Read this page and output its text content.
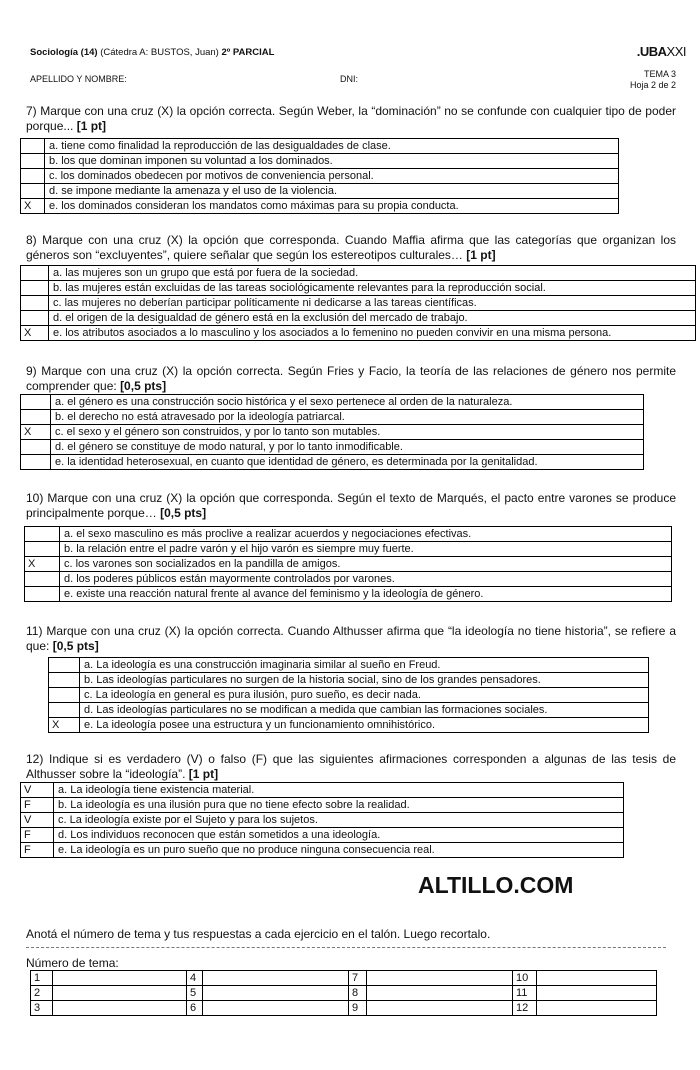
Sociología (14) (Cátedra A: BUSTOS, Juan) 2º PARCIAL	.UBAXXI
APELLIDO Y NOMBRE:	DNI:	TEMA 3
Hoja 2 de 2
7) Marque con una cruz (X) la opción correcta. Según Weber, la “dominación” no se confunde con cualquier tipo de poder porque... [1 pt]
	a. tiene como finalidad la reproducción de las desigualdades de clase.
	b. los que dominan imponen su voluntad a los dominados.
	c. los dominados obedecen por motivos de conveniencia personal.
	d. se impone mediante la amenaza y el uso de la violencia.
X	e. los dominados consideran los mandatos como máximas para su propia conducta.
8) Marque con una cruz (X) la opción que corresponda. Cuando Maffia afirma que las categorías que organizan los géneros son “excluyentes”, quiere señalar que según los estereotipos culturales… [1 pt]
	a. las mujeres son un grupo que está por fuera de la sociedad.
	b. las mujeres están excluidas de las tareas sociológicamente relevantes para la reproducción social.
	c. las mujeres no deberían participar políticamente ni dedicarse a las tareas científicas.
	d. el origen de la desigualdad de género está en la exclusión del mercado de trabajo.
X	e. los atributos asociados a lo masculino y los asociados a lo femenino no pueden convivir en una misma persona.
9) Marque con una cruz (X) la opción correcta. Según Fries y Facio, la teoría de las relaciones de género nos permite comprender que: [0,5 pts]
	a. el género es una construcción socio histórica y el sexo pertenece al orden de la naturaleza.
	b. el derecho no está atravesado por la ideología patriarcal.
X	c. el sexo y el género son construidos, y por lo tanto son mutables.
	d. el género se constituye de modo natural, y por lo tanto inmodificable.
	e. la identidad heterosexual, en cuanto que identidad de género, es determinada por la genitalidad.
10) Marque con una cruz (X) la opción que corresponda. Según el texto de Marqués, el pacto entre varones se produce principalmente porque… [0,5 pts]
	a. el sexo masculino es más proclive a realizar acuerdos y negociaciones efectivas.
	b. la relación entre el padre varón y el hijo varón es siempre muy fuerte.
X	c. los varones son socializados en la pandilla de amigos.
	d. los poderes públicos están mayormente controlados por varones.
	e. existe una reacción natural frente al avance del feminismo y la ideología de género.
11) Marque con una cruz (X) la opción correcta. Cuando Althusser afirma que “la ideología no tiene historia”, se refiere a que: [0,5 pts]
	a. La ideología es una construcción imaginaria similar al sueño en Freud.
	b. Las ideologías particulares no surgen de la historia social, sino de los grandes pensadores.
	c. La ideología en general es pura ilusión, puro sueño, es decir nada.
	d. Las ideologías particulares no se modifican a medida que cambian las formaciones sociales.
X	e. La ideología posee una estructura y un funcionamiento omnihistórico.
12) Indique si es verdadero (V) o falso (F) que las siguientes afirmaciones corresponden a algunas de las tesis de Althusser sobre la “ideología”. [1 pt]
V	a. La ideología tiene existencia material.
F	b. La ideología es una ilusión pura que no tiene efecto sobre la realidad.
V	c. La ideología existe por el Sujeto y para los sujetos.
F	d. Los individuos reconocen que están sometidos a una ideología.
F	e. La ideología es un puro sueño que no produce ninguna consecuencia real.
ALTILLO.COM
Anotá el número de tema y tus respuestas a cada ejercicio en el talón. Luego recortalo.
Número de tema:
1		4		7		10	
2		5		8		11	
3		6		9		12	
